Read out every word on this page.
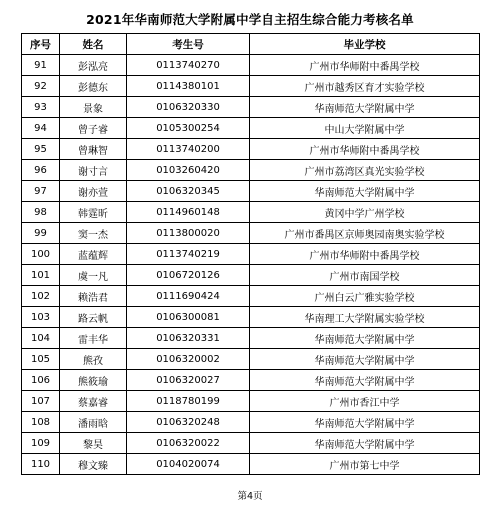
2021年华南师范大学附属中学自主招生综合能力考核名单
序号	姓名	考生号	毕业学校
91	彭泓亮	0113740270	广州市华师附中番禺学校
92	彭德东	0114380101	广州市越秀区育才实验学校
93	景象	0106320330	华南师范大学附属中学
94	曾子睿	0105300254	中山大学附属中学
95	曾琳智	0113740200	广州市华师附中番禺学校
96	谢寸言	0103260420	广州市荔湾区真光实验学校
97	谢亦萱	0106320345	华南师范大学附属中学
98	韩霆昕	0114960148	黄冈中学广州学校
99	窦一杰	0113800020	广州市番禺区京师奥园南奥实验学校
100	蓝蕴辉	0113740219	广州市华师附中番禺学校
101	虞一凡	0106720126	广州市南国学校
102	赖浩君	0111690424	广州白云广雅实验学校
103	路云帆	0106300081	华南理工大学附属实验学校
104	雷丰华	0106320331	华南师范大学附属中学
105	熊孜	0106320002	华南师范大学附属中学
106	熊筱瑜	0106320027	华南师范大学附属中学
107	蔡嘉睿	0118780199	广州市香江中学
108	潘雨晗	0106320248	华南师范大学附属中学
109	黎昊	0106320022	华南师范大学附属中学
110	穆文臻	0104020074	广州市第七中学
第4页
